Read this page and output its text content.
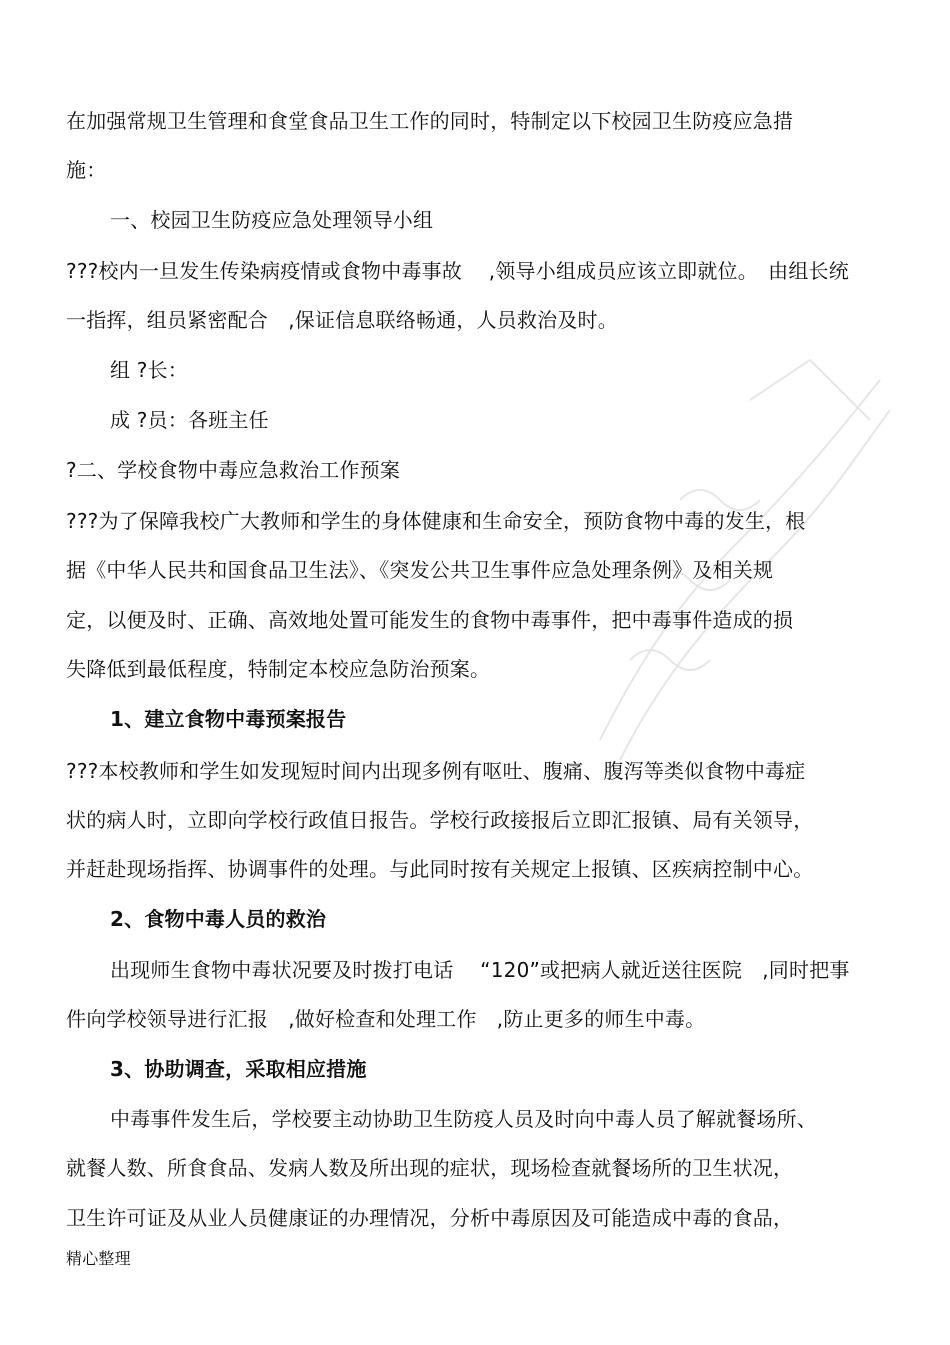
在加强常规卫生管理和食堂食品卫生工作的同时，特制定以下校园卫生防疫应急措
施：
一、校园卫生防疫应急处理领导小组
???校内一旦发生传染病疫情或食物中毒事故　 ,领导小组成员应该立即就位。　由组长统
一指挥，组员紧密配合　,保证信息联络畅通，人员救治及时。
组 ?长：
成 ?员：各班主任
?二、学校食物中毒应急救治工作预案
???为了保障我校广大教师和学生的身体健康和生命安全，预防食物中毒的发生，根
据《中华人民共和国食品卫生法》、《突发公共卫生事件应急处理条例》及相关规
定，以便及时、正确、高效地处置可能发生的食物中毒事件，把中毒事件造成的损
失降低到最低程度，特制定本校应急防治预案。
1、建立食物中毒预案报告
???本校教师和学生如发现短时间内出现多例有呕吐、腹痛、腹泻等类似食物中毒症
状的病人时，立即向学校行政值日报告。学校行政接报后立即汇报镇、局有关领导，
并赶赴现场指挥、协调事件的处理。与此同时按有关规定上报镇、区疾病控制中心。
2、食物中毒人员的救治
出现师生食物中毒状况要及时拨打电话　 “120”或把病人就近送往医院　,同时把事
件向学校领导进行汇报　,做好检查和处理工作　,防止更多的师生中毒。
3、协助调查，采取相应措施
中毒事件发生后，学校要主动协助卫生防疫人员及时向中毒人员了解就餐场所、
就餐人数、所食食品、发病人数及所出现的症状，现场检查就餐场所的卫生状况，
卫生许可证及从业人员健康证的办理情况，分析中毒原因及可能造成中毒的食品，
精心整理
